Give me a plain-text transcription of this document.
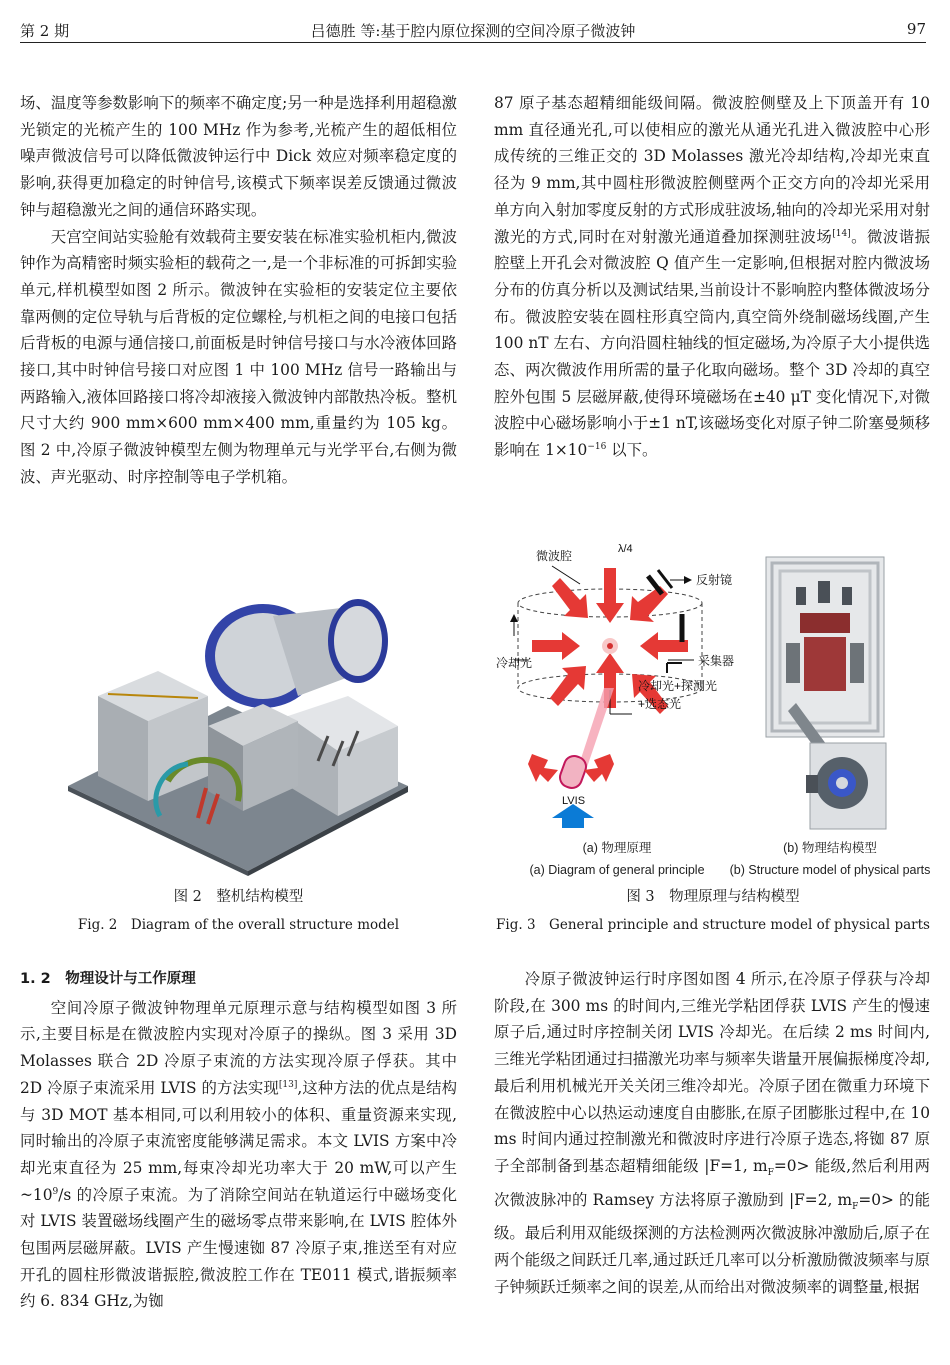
第 2 期	吕德胜 等:基于腔内原位探测的空间冷原子微波钟	97

场、温度等参数影响下的频率不确定度;另一种是选择利用超稳激光锁定的光梳产生的 100 MHz 作为参考,光梳产生的超低相位噪声微波信号可以降低微波钟运行中 Dick 效应对频率稳定度的影响,获得更加稳定的时钟信号,该模式下频率误差反馈通过微波钟与超稳激光之间的通信环路实现。

天宫空间站实验舱有效载荷主要安装在标准实验机柜内,微波钟作为高精密时频实验柜的载荷之一,是一个非标准的可拆卸实验单元,样机模型如图 2 所示。微波钟在实验柜的安装定位主要依靠两侧的定位导轨与后背板的定位螺栓,与机柜之间的电接口包括后背板的电源与通信接口,前面板是时钟信号接口与水冷液体回路接口,其中时钟信号接口对应图 1 中 100 MHz 信号一路输出与两路输入,液体回路接口将冷却液接入微波钟内部散热冷板。整机尺寸大约 900 mm×600 mm×400 mm,重量约为 105 kg。图 2 中,冷原子微波钟模型左侧为物理单元与光学平台,右侧为微波、声光驱动、时序控制等电子学机箱。

87 原子基态超精细能级间隔。微波腔侧壁及上下顶盖开有 10 mm 直径通光孔,可以使相应的激光从通光孔进入微波腔中心形成传统的三维正交的 3D Molasses 激光冷却结构,冷却光束直径为 9 mm,其中圆柱形微波腔侧壁两个正交方向的冷却光采用单方向入射加零度反射的方式形成驻波场,轴向的冷却光采用对射激光的方式,同时在对射激光通道叠加探测驻波场[14]。微波谐振腔壁上开孔会对微波腔 Q 值产生一定影响,但根据对腔内微波场分布的仿真分析以及测试结果,当前设计不影响腔内整体微波场分布。微波腔安装在圆柱形真空筒内,真空筒外绕制磁场线圈,产生 100 nT 左右、方向沿圆柱轴线的恒定磁场,为冷原子大小提供选态、两次微波作用所需的量子化取向磁场。整个 3D 冷却的真空腔外包围 5 层磁屏蔽,使得环境磁场在±40 μT 变化情况下,对微波腔中心磁场影响小于±1 nT,该磁场变化对原子钟二阶塞曼频移影响在 $1\times 10^{-16}$ 以下。

图 2　整机结构模型
Fig. 2　Diagram of the overall structure model
微波腔	λ/4
反射镜
冷却光	采集器
冷却光+探测光
+选态光
LVIS
(a) 物理原理
(a) Diagram of general principle
(b) 物理结构模型
(b) Structure model of physical parts
图 3　物理原理与结构模型
Fig. 3　General principle and structure model of physical parts
1. 2　物理设计与工作原理

空间冷原子微波钟物理单元原理示意与结构模型如图 3 所示,主要目标是在微波腔内实现对冷原子的操纵。图 3 采用 3D Molasses 联合 2D 冷原子束流的方法实现冷原子俘获。其中 2D 冷原子束流采用 LVIS 的方法实现[13],这种方法的优点是结构与 3D MOT 基本相同,可以利用较小的体积、重量资源来实现,同时输出的冷原子束流密度能够满足需求。本文 LVIS 方案中冷却光束直径为 25 mm,每束冷却光功率大于 20 mW,可以产生 $\sim 10^9/s$ 的冷原子束流。为了消除空间站在轨道运行中磁场变化对 LVIS 装置磁场线圈产生的磁场零点带来影响,在 LVIS 腔体外包围两层磁屏蔽。LVIS 产生慢速铷 87 冷原子束,推送至有对应开孔的圆柱形微波谐振腔,微波腔工作在 TE011 模式,谐振频率约 6. 834 GHz,为铷

冷原子微波钟运行时序图如图 4 所示,在冷原子俘获与冷却阶段,在 300 ms 的时间内,三维光学粘团俘获 LVIS 产生的慢速原子后,通过时序控制关闭 LVIS 冷却光。在后续 2 ms 时间内,三维光学粘团通过扫描激光功率与频率失谐量开展偏振梯度冷却,最后利用机械光开关关闭三维冷却光。冷原子团在微重力环境下在微波腔中心以热运动速度自由膨胀,在原子团膨胀过程中,在 10 ms 时间内通过控制激光和微波时序进行冷原子选态,将铷 87 原子全部制备到基态超精细能级 |F=1, $m_F=0>$ 能级,然后利用两次微波脉冲的 Ramsey 方法将原子激励到 |F=2, $m_F=0>$ 的能级。最后利用双能级探测的方法检测两次微波脉冲激励后,原子在两个能级之间跃迁几率,通过跃迁几率可以分析激励微波频率与原子钟频跃迁频率之间的误差,从而给出对微波频率的调整量,根据
